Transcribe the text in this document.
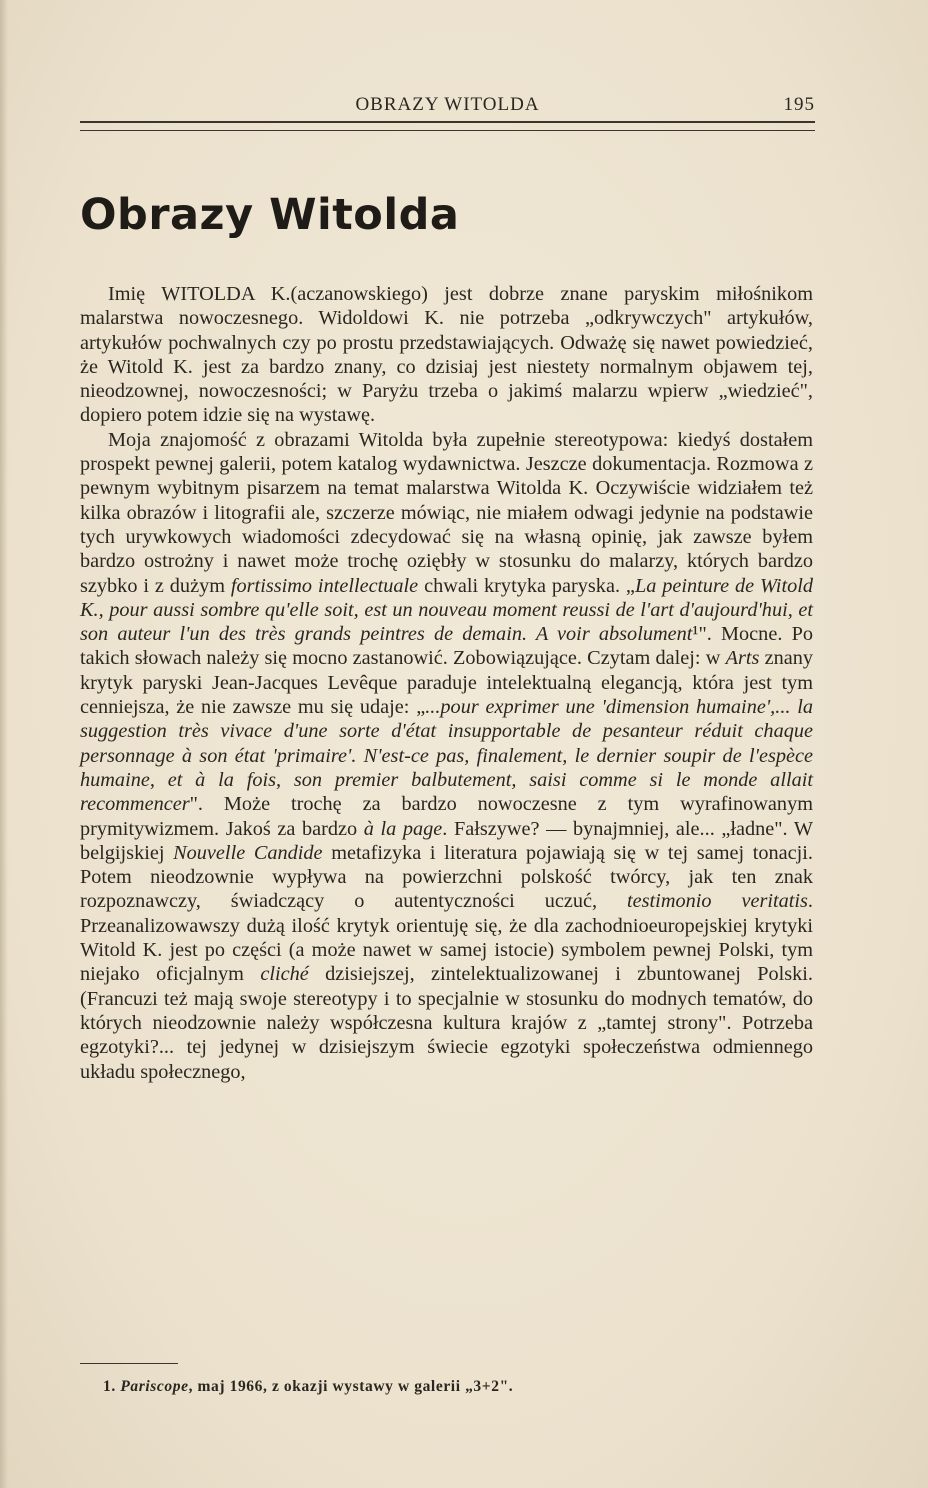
OBRAZY WITOLDA	195
Obrazy Witolda

Imię WITOLDA K.(aczanowskiego) jest dobrze znane paryskim miłośnikom malarstwa nowoczesnego. Widoldowi K. nie potrzeba „odkrywczych" artykułów, artykułów pochwalnych czy po prostu przedstawiających. Odważę się nawet powiedzieć, że Witold K. jest za bardzo znany, co dzisiaj jest niestety normalnym objawem tej, nieodzownej, nowoczesności; w Paryżu trzeba o jakimś malarzu wpierw „wiedzieć", dopiero potem idzie się na wystawę.

Moja znajomość z obrazami Witolda była zupełnie stereotypowa: kiedyś dostałem prospekt pewnej galerii, potem katalog wydawnictwa. Jeszcze dokumentacja. Rozmowa z pewnym wybitnym pisarzem na temat malarstwa Witolda K. Oczywiście widziałem też kilka obrazów i litografii ale, szczerze mówiąc, nie miałem odwagi jedynie na podstawie tych urywkowych wiadomości zdecydować się na własną opinię, jak zawsze byłem bardzo ostrożny i nawet może trochę oziębły w stosunku do malarzy, których bardzo szybko i z dużym fortissimo intellectuale chwali krytyka paryska. „La peinture de Witold K., pour aussi sombre qu'elle soit, est un nouveau moment reussi de l'art d'aujourd'hui, et son auteur l'un des très grands peintres de demain. A voir absolument¹". Mocne. Po takich słowach należy się mocno zastanowić. Zobowiązujące. Czytam dalej: w Arts znany krytyk paryski Jean-Jacques Levêque paraduje intelektualną elegancją, która jest tym cenniejsza, że nie zawsze mu się udaje: „...pour exprimer une 'dimension humaine',... la suggestion très vivace d'une sorte d'état insupportable de pesanteur réduit chaque personnage à son état 'primaire'. N'est-ce pas, finalement, le dernier soupir de l'espèce humaine, et à la fois, son premier balbutement, saisi comme si le monde allait recommencer". Może trochę za bardzo nowoczesne z tym wyrafinowanym prymitywizmem. Jakoś za bardzo à la page. Fałszywe? — bynajmniej, ale... „ładne". W belgijskiej Nouvelle Candide metafizyka i literatura pojawiają się w tej samej tonacji. Potem nieodzownie wypływa na powierzchni polskość twórcy, jak ten znak rozpoznawczy, świadczący o autentyczności uczuć, testimonio veritatis. Przeanalizowawszy dużą ilość krytyk orientuję się, że dla zachodnioeuropejskiej krytyki Witold K. jest po części (a może nawet w samej istocie) symbolem pewnej Polski, tym niejako oficjalnym cliché dzisiejszej, zintelektualizowanej i zbuntowanej Polski. (Francuzi też mają swoje stereotypy i to specjalnie w stosunku do modnych tematów, do których nieodzownie należy współczesna kultura krajów z „tamtej strony". Potrzeba egzotyki?... tej jedynej w dzisiejszym świecie egzotyki społeczeństwa odmiennego układu społecznego,

1. Pariscope, maj 1966, z okazji wystawy w galerii „3+2".
